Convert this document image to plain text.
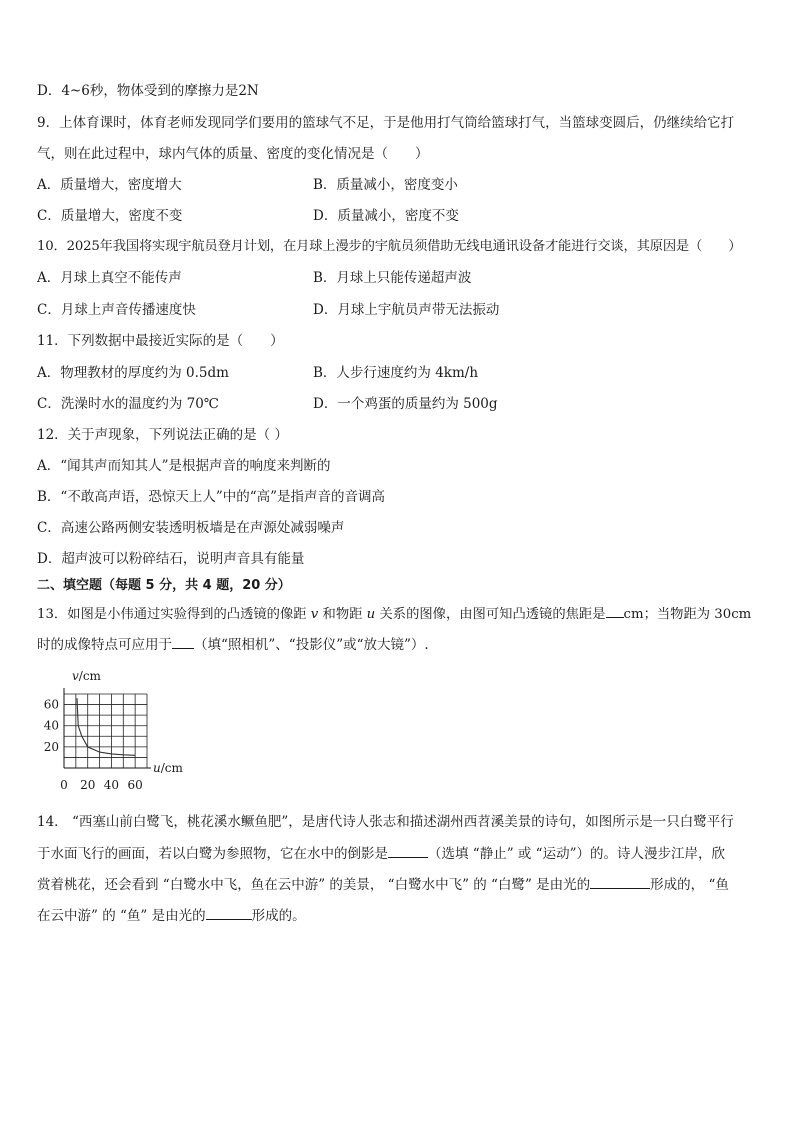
D．4~6秒，物体受到的摩擦力是2N
9．上体育课时，体育老师发现同学们要用的篮球气不足，于是他用打气筒给篮球打气，当篮球变圆后，仍继续给它打
气，则在此过程中，球内气体的质量、密度的变化情况是（　　）
A．质量增大，密度增大	B．质量减小，密度变小
C．质量增大，密度不变	D．质量减小，密度不变
10．2025年我国将实现宇航员登月计划，在月球上漫步的宇航员须借助无线电通讯设备才能进行交谈，其原因是（　　）
A．月球上真空不能传声	B．月球上只能传递超声波
C．月球上声音传播速度快	D．月球上宇航员声带无法振动
11．下列数据中最接近实际的是（　　）
A．物理教材的厚度约为 0.5dm	B．人步行速度约为 4km/h
C．洗澡时水的温度约为 70℃	D．一个鸡蛋的质量约为 500g
12．关于声现象，下列说法正确的是（ ）
A．“闻其声而知其人”是根据声音的响度来判断的
B．“不敢高声语，恐惊天上人”中的“高”是指声音的音调高
C．高速公路两侧安装透明板墙是在声源处减弱噪声
D．超声波可以粉碎结石，说明声音具有能量
二、填空题（每题 5 分，共 4 题，20 分）
13．如图是小伟通过实验得到的凸透镜的像距 v 和物距 u 关系的图像，由图可知凸透镜的焦距是 cm；当物距为 30cm
时的成像特点可应用于 （填“照相机”、“投影仪”或“放大镜”）.
v/cm
u/cm
0 20 40 60
20
40
60
14． “西塞山前白鹭飞，桃花溪水鳜鱼肥”，是唐代诗人张志和描述湖州西苕溪美景的诗句，如图所示是一只白鹭平行
于水面飞行的画面，若以白鹭为参照物，它在水中的倒影是	（选填 “静止” 或 “运动”）的。诗人漫步江岸，欣
赏着桃花，还会看到 “白鹭水中飞，鱼在云中游” 的美景， “白鹭水中飞” 的 “白鹭” 是由光的	形成的， “鱼
在云中游” 的 “鱼” 是由光的	形成的。
